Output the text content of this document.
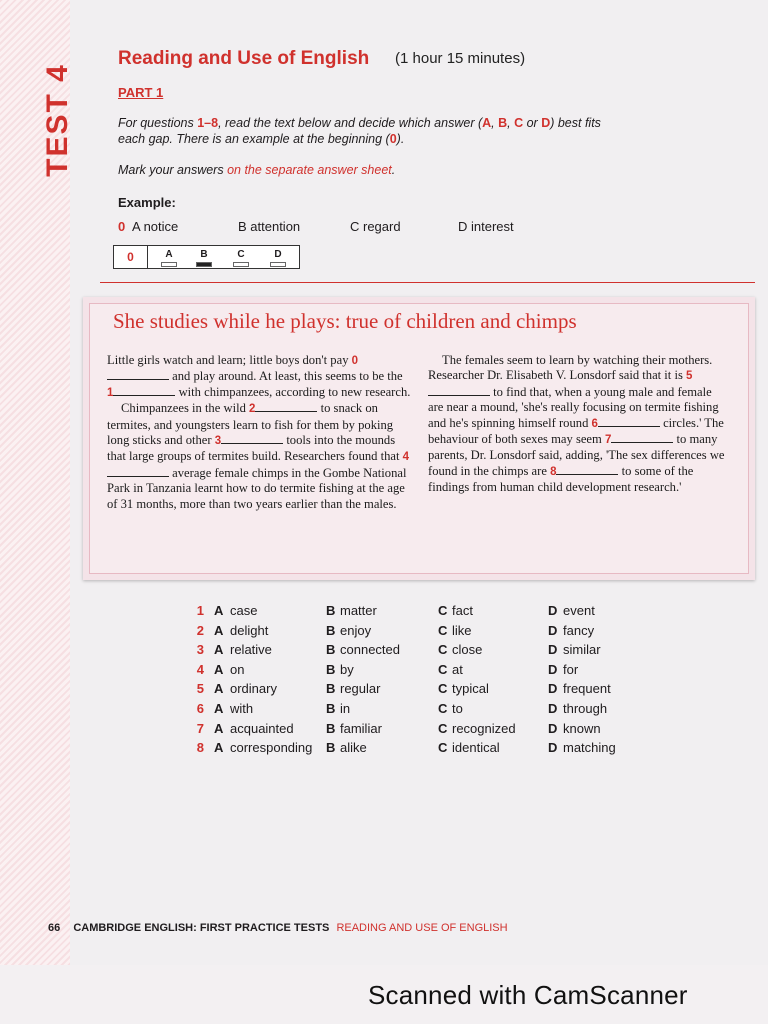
TEST 4
Reading and Use of English (1 hour 15 minutes)
PART 1
For questions 1–8, read the text below and decide which answer (A, B, C or D) best fits each gap. There is an example at the beginning (0).
Mark your answers on the separate answer sheet.
Example:
0 A notice	B attention	C regard	D interest
0	A	B	C	D
She studies while he plays: true of children and chimps

Little girls watch and learn; little boys don't pay 0 and play around. At least, this seems to be the 1	with chimpanzees, according to new research.

Chimpanzees in the wild 2	to snack on termites, and youngsters learn to fish for them by poking long sticks and other 3	tools into the mounds that large groups of termites build. Researchers found that 4 average female chimps in the Gombe National Park in Tanzania learnt how to do termite fishing at the age of 31 months, more than two years earlier than the males.

The females seem to learn by watching their mothers. Researcher Dr. Elisabeth V. Lonsdorf said that it is 5 to find that, when a young male and female are near a mound, 'she's really focusing on termite fishing and he's spinning himself round 6	circles.' The behaviour of both sexes may seem 7	to many parents, Dr. Lonsdorf said, adding, 'The sex differences we found in the chimps are 8	to some of the findings from human child development research.'

1 A case	B matter	C fact	D event
2 A delight	B enjoy	C like	D fancy
3 A relative	B connected	C close	D similar
4 A on	B by	C at	D for
5 A ordinary	B regular	C typical	D frequent
6 A with	B in	C to	D through
7 A acquainted B familiar	C recognized D known
8 A corresponding B alike	C identical	D matching
66 CAMBRIDGE ENGLISH: FIRST PRACTICE TESTS READING AND USE OF ENGLISH
Scanned with CamScanner
